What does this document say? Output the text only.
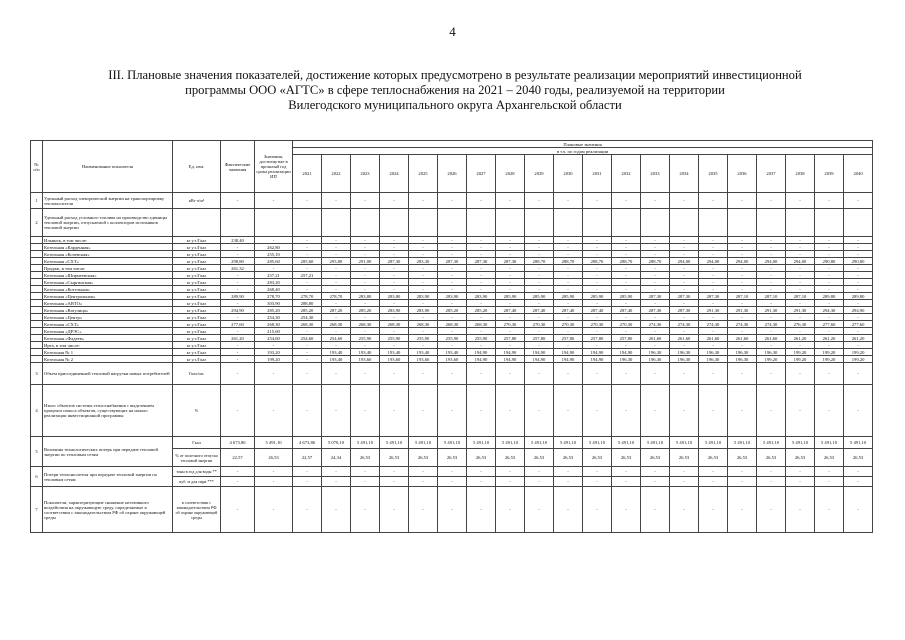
4
III. Плановые значения показателей, достижение которых предусмотрено в результате реализации мероприятий инвестиционной
программы ООО «АГТС» в сфере теплоснабжения на 2021 – 2040 годы, реализуемой на территории
Вилегодского муниципального округа Архангельской области
№ п/п	Наименование показателя	Ед. изм.	Фактические значения	Значения, достигнутые в прошлый год срока реализации ИП	Плановые значения																			
					в т.ч. по годам реализации																			
					2021	2022	2023	2024	2025	2026	2027	2028	2029	2030	2031	2032	2033	2034	2035	2036	2037	2038	2039	2040
1	Удельный расход электрической энергии на транспортировку теплоносителя	кВт·ч/м³	-	-	-	-	-	-	-	-	-	-	-	-	-	-	-	-	-	-	-	-	-	-
2	Удельный расход условного топлива на производство единицы тепловой энергии, отпускаемой с коллекторов источников тепловой энергии																							
	Ильинск, в том числе:	кг у.т./Гкал	238,40	-	-	-	-	-	-	-	-	-	-	-	-	-	-	-	-	-	-	-	-	-
	Котельная «Карденная»	кг у.т./Гкал	-	262,80	-	-	-	-	-	-	-	-	-	-	-	-	-	-	-	-	-	-	-	-
	Котельная «Кочевская»	кг у.т./Гкал	-	255,10	-	-	-	-	-	-	-	-	-	-	-	-	-	-	-	-	-	-	-	-
	Котельная «СХТ»	кг у.т./Гкал	298,80	285,60	285,60	293,80	291,00	287,30	283,30	287,30	287,30	287,30	288,70	288,70	288,70	288,70	288,70	294,00	294,00	294,00	294,00	294,00	290,80	290,80
	Продаж, в том числе:	кг у.т./Гкал	261,32	-	-	-	-	-	-	-	-	-	-	-	-	-	-	-	-	-	-	-	-	-
	Котельная «Ширмеевская»	кг у.т./Гкал	-	257,21	257,21	-	-	-	-	-	-	-	-	-	-	-	-	-	-	-	-	-	-	-
	Котельная «Сыргинская»	кг у.т./Гкал	-	283,20	-	-	-	-	-	-	-	-	-	-	-	-	-	-	-	-	-	-	-	-
	Котельная «Котельная»	кг у.т./Гкал	-	268,40	-	-	-	-	-	-	-	-	-	-	-	-	-	-	-	-	-	-	-	-
	Котельная «Центральная»	кг у.т./Гкал	289,90	278,70	278,70	278,70	283,80	283,80	283,90	283,90	283,90	285,90	285,90	285,90	285,90	285,90	287,30	287,30	287,30	287,10	287,10	287,10	289,80	289,80
	Котельная «АВТО»	кг у.т./Гкал	-	303,90	288,80	-	-	-	-	-	-	-	-	-	-	-	-	-	-	-	-	-	-	-
	Котельная «Ватулица»	кг у.т./Гкал	294,90	285,20	285,20	287,20	285,20	283,90	283,90	285,20	285,20	287,40	287,40	287,40	287,40	287,40	287,30	287,30	291,30	291,30	291,30	291,30	294,30	294,90
	Котельная «Центр»	кг у.т./Гкал	-	254,30	254,30	-	-	-	-	-	-	-	-	-	-	-	-	-	-	-	-	-	-	-
	Котельная «СХТ»	кг у.т./Гкал	277,60	268,30	268,30	268,30	268,30	268,30	268,30	268,30	268,30	270,30	270,30	270,30	270,30	270,30	274,30	274,30	274,30	274,30	274,30	276,30	277,60	277,60
	Котельная «ДРЭС»	кг у.т./Гкал	-	215,60	-	-	-	-	-	-	-	-	-	-	-	-	-	-	-	-	-	-	-	-
	Котельная «Фадеев»	кг у.т./Гкал	261,20	254,60	254,60	254,60	255,90	255,90	255,90	255,90	255,90	257,80	257,80	257,80	257,80	257,80	261,60	261,60	261,60	261,60	261,60	261,20	261,20	261,20
	Ирта, в том числе:	кг у.т./Гкал	-	-	-	-	-	-	-	-	-	-	-	-	-	-	-	-	-	-	-	-	-	-
	Котельная № 1	кг у.т./Гкал	-	193,20	-	193,40	193,40	193,40	193,40	193,40	194,90	194,90	194,90	194,90	194,90	194,90	196,30	196,30	196,30	196,30	196,30	199,20	199,20	199,20
	Котельная № 2	кг у.т./Гкал	-	199,20	-	193,40	193,60	193,60	193,60	193,60	194,90	194,90	194,90	194,90	194,90	196,30	196,30	196,30	196,30	196,30	199,20	199,20	199,20	199,20
3	Объем присоединенной тепловой нагрузки новых потребителей	Гкал/час	-	-	-	-	-	-	-	-	-	-	-	-	-	-	-	-	-	-	-	-	-	-
4	Износ объектов системы теплоснабжения с выделением процента износа объектов, существующих на начало реализации инвестиционной программы	%	-	-	-	-	-	-	-	-	-	-	-	-	-	-	-	-	-	-	-	-	-	-
5	Величина технологических потерь при передаче тепловой энергии по тепловым сетям	Гкал	4 673,86	5 491,10	4 673,86	5 070,10	5 491,10	5 491,10	5 491,10	5 491,10	5 491,10	5 491,10	5 491,10	5 491,10	5 491,10	5 491,10	5 491,10	5 491,10	5 491,10	5 491,10	5 491,10	5 491,10	5 491,10	5 491,10
		% от полезного отпуска тепловой энергии	22,57	26,53	22,57	24,34	26,53	26,53	26,53	26,53	26,53	26,53	26,53	26,53	26,53	26,53	26,53	26,53	26,53	26,53	26,53	26,53	26,53	26,53
6	Потери теплоносителя при передаче тепловой энергии по тепловым сетям	тонн в год для воды **	-	-	-	-	-	-	-	-	-	-	-	-	-	-	-	-	-	-	-	-	-	-
		куб. м для пара ***	-	-	-	-	-	-	-	-	-	-	-	-	-	-	-	-	-	-	-	-	-	-
7	Показатели, характеризующие снижение негативного воздействия на окружающую среду, определяемые в соответствии с законодательством РФ об охране окружающей среды	в соответствии с законодательством РФ об охране окружающей среды	-	-	-	-	-	-	-	-	-	-	-	-	-	-	-	-	-	-	-	-	-	-
